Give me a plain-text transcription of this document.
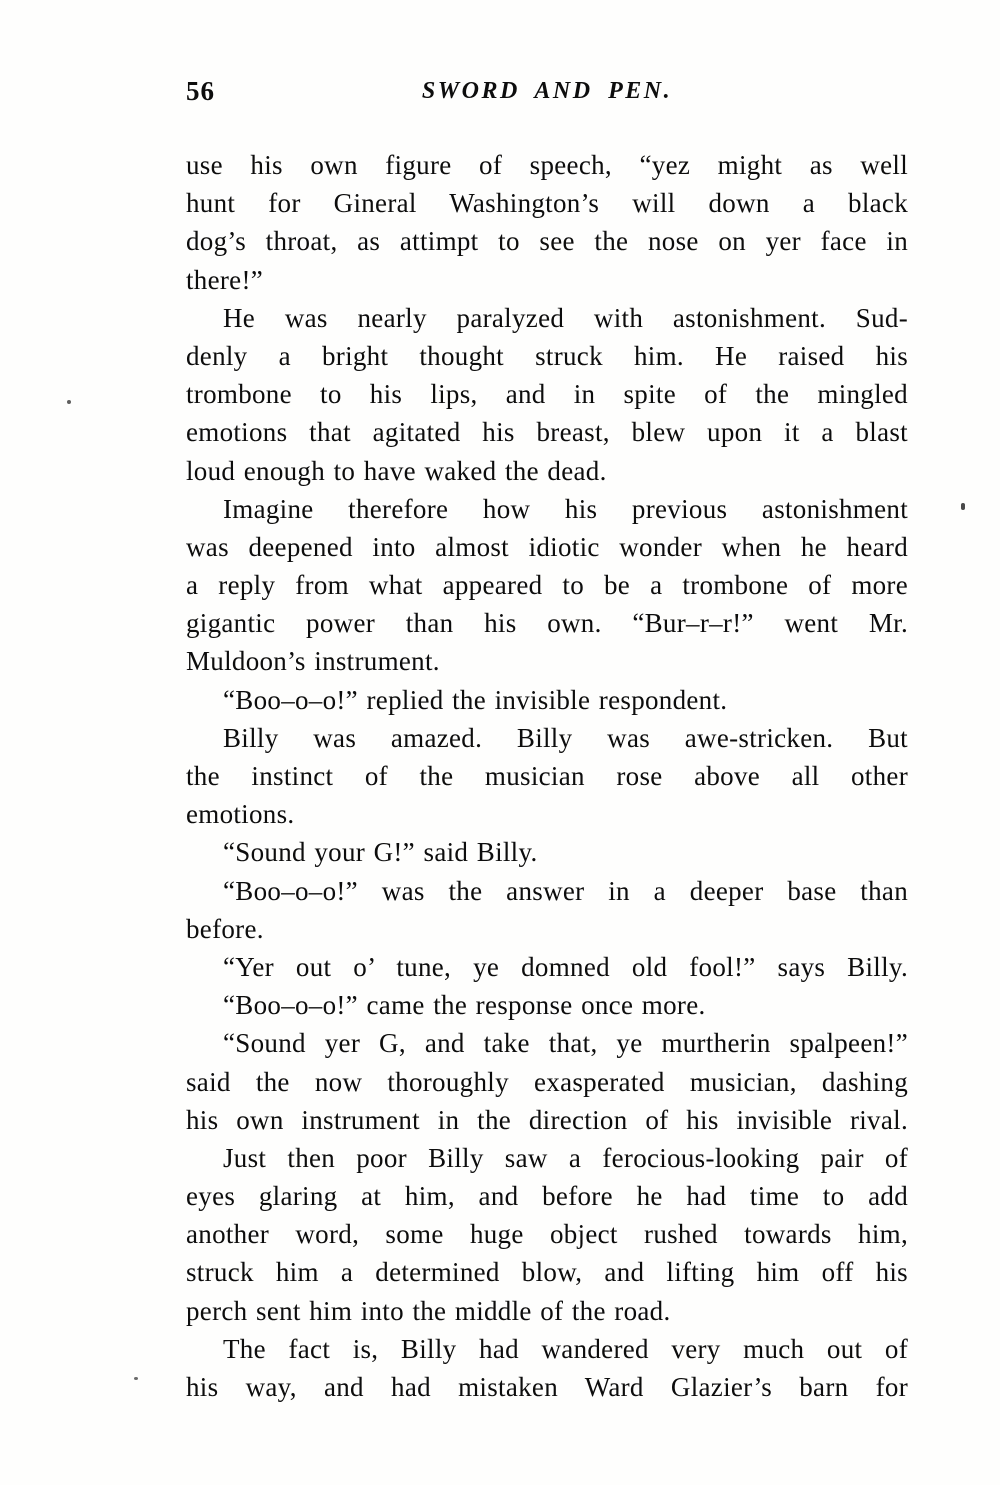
56	SWORD AND PEN.

use his own figure of speech, “yez might as well

hunt for Gineral Washington’s will down a black

dog’s throat, as attimpt to see the nose on yer face in

there!”

He was nearly paralyzed with astonishment. Sud-

denly a bright thought struck him. He raised his

trombone to his lips, and in spite of the mingled

emotions that agitated his breast, blew upon it a blast

loud enough to have waked the dead.

Imagine therefore how his previous astonishment

was deepened into almost idiotic wonder when he heard

a reply from what appeared to be a trombone of more

gigantic power than his own. “Bur–r–r!” went Mr.

Muldoon’s instrument.

“Boo–o–o!” replied the invisible respondent.

Billy was amazed. Billy was awe-stricken. But

the instinct of the musician rose above all other

emotions.

“Sound your G!” said Billy.

“Boo–o–o!” was the answer in a deeper base than

before.

“Yer out o’ tune, ye domned old fool!” says Billy.

“Boo–o–o!” came the response once more.

“Sound yer G, and take that, ye murtherin spalpeen!”

said the now thoroughly exasperated musician, dashing

his own instrument in the direction of his invisible rival.

Just then poor Billy saw a ferocious-looking pair of

eyes glaring at him, and before he had time to add

another word, some huge object rushed towards him,

struck him a determined blow, and lifting him off his

perch sent him into the middle of the road.

The fact is, Billy had wandered very much out of

his way, and had mistaken Ward Glazier’s barn for
